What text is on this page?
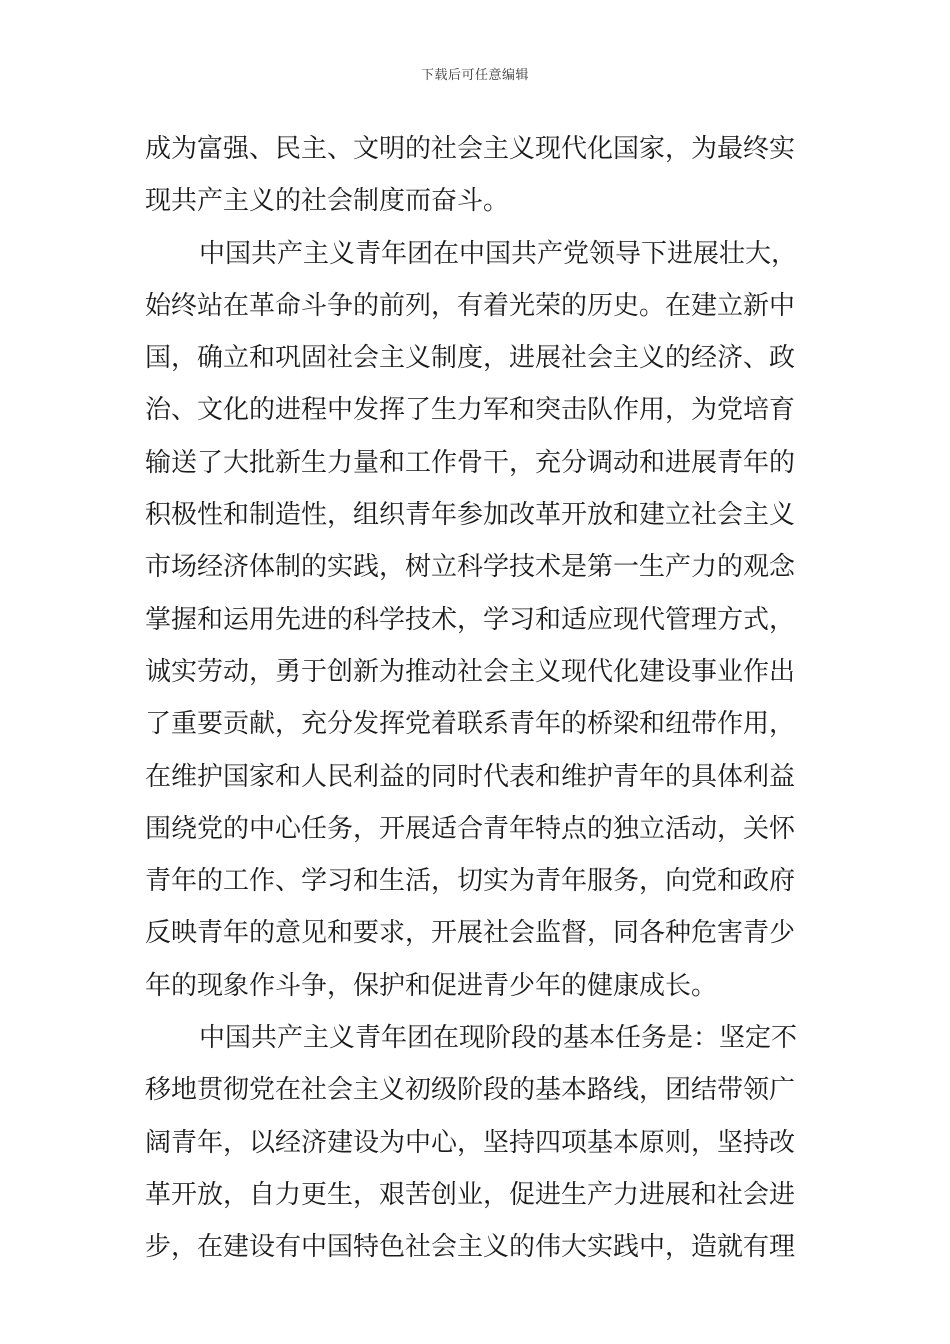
下载后可任意编辑
成为富强、民主、文明的社会主义现代化国家，为最终实
现共产主义的社会制度而奋斗。
中国共产主义青年团在中国共产党领导下进展壮大，
始终站在革命斗争的前列，有着光荣的历史。在建立新中
国，确立和巩固社会主义制度，进展社会主义的经济、政
治、文化的进程中发挥了生力军和突击队作用，为党培育
输送了大批新生力量和工作骨干，充分调动和进展青年的
积极性和制造性，组织青年参加改革开放和建立社会主义
市场经济体制的实践，树立科学技术是第一生产力的观念
掌握和运用先进的科学技术，学习和适应现代管理方式，
诚实劳动，勇于创新为推动社会主义现代化建设事业作出
了重要贡献，充分发挥党着联系青年的桥梁和纽带作用，
在维护国家和人民利益的同时代表和维护青年的具体利益
围绕党的中心任务，开展适合青年特点的独立活动，关怀
青年的工作、学习和生活，切实为青年服务，向党和政府
反映青年的意见和要求，开展社会监督，同各种危害青少
年的现象作斗争，保护和促进青少年的健康成长。
中国共产主义青年团在现阶段的基本任务是：坚定不
移地贯彻党在社会主义初级阶段的基本路线，团结带领广
阔青年，以经济建设为中心，坚持四项基本原则，坚持改
革开放，自力更生，艰苦创业，促进生产力进展和社会进
步，在建设有中国特色社会主义的伟大实践中，造就有理
